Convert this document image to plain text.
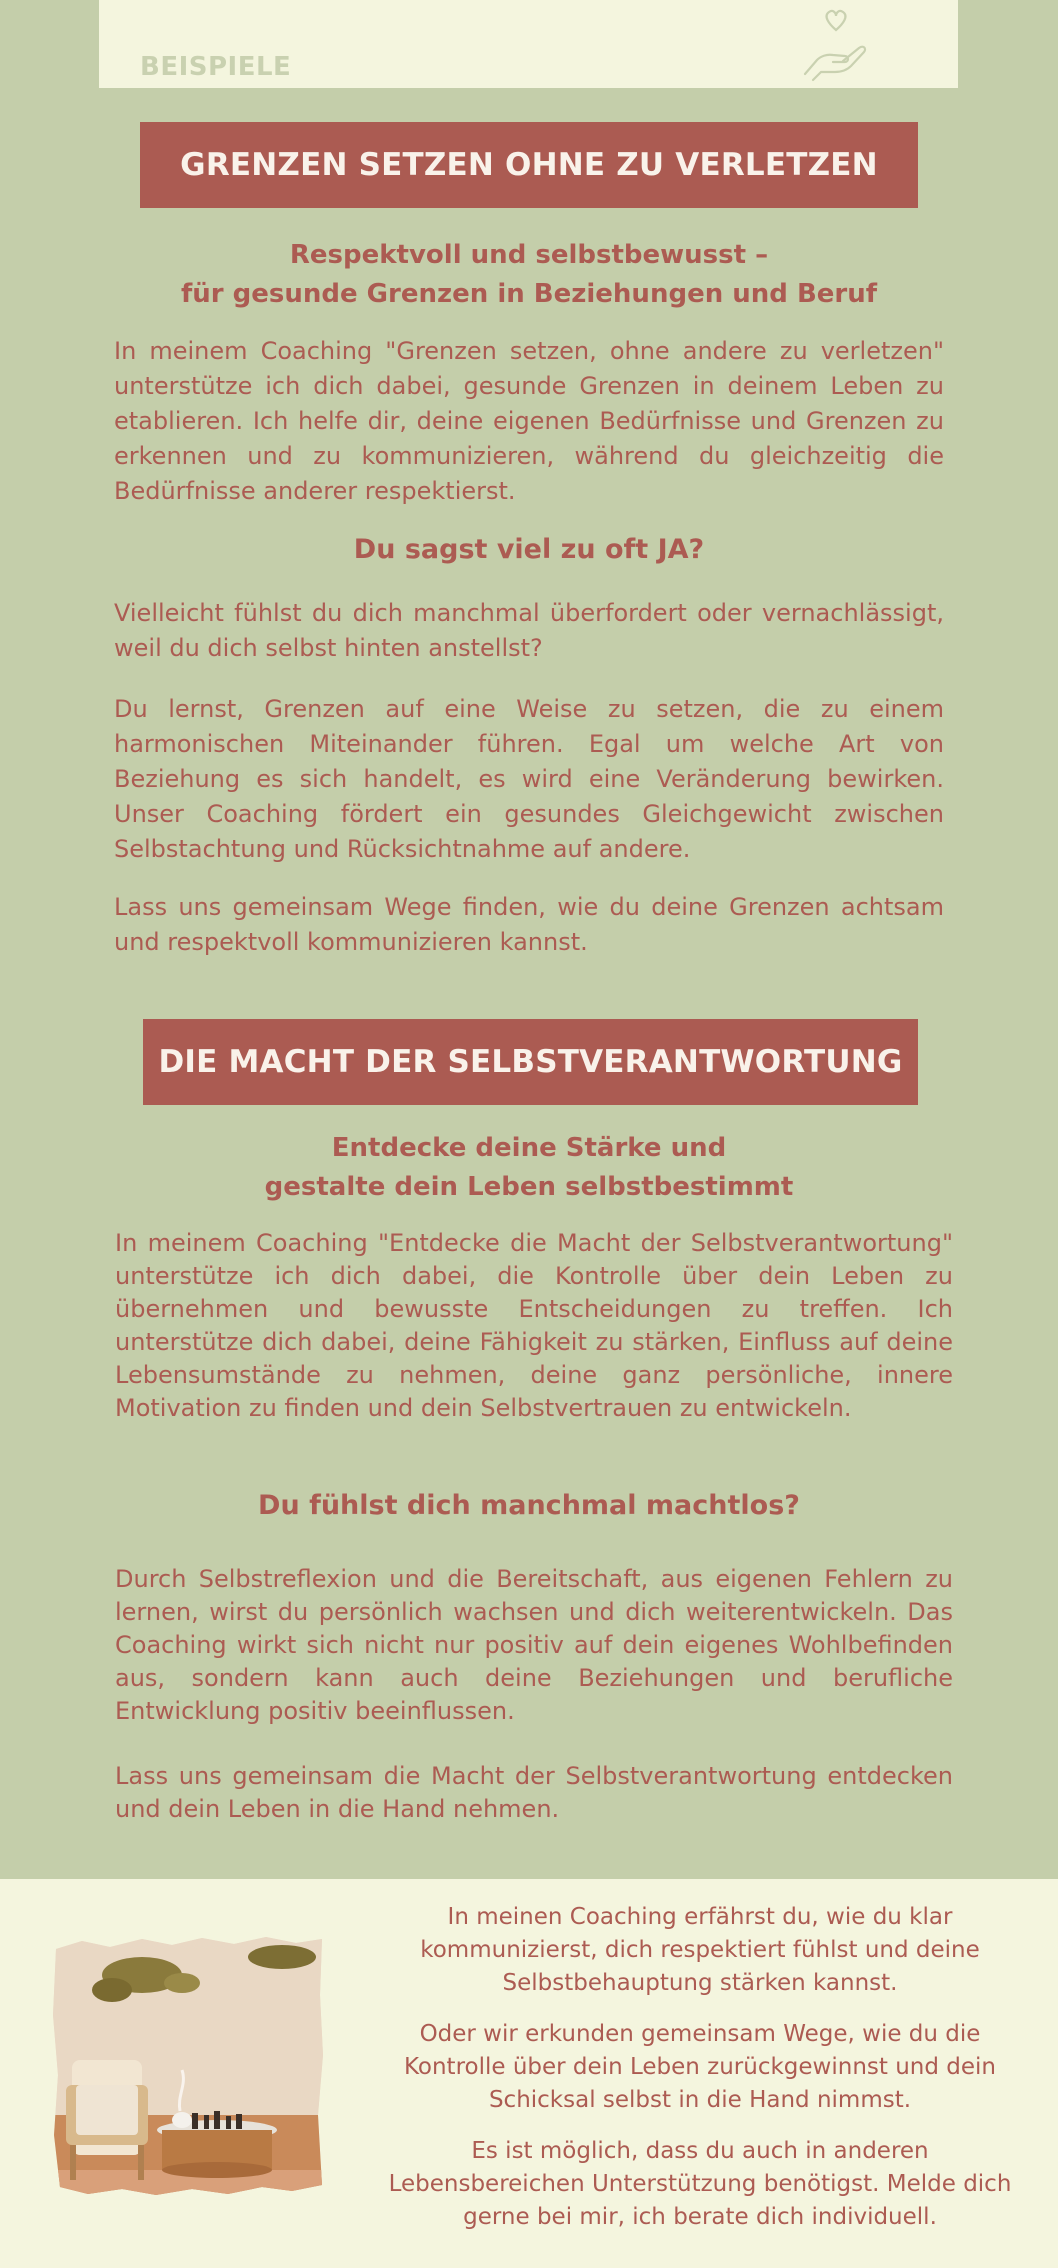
BEISPIELE
GRENZEN SETZEN OHNE ZU VERLETZEN
Respektvoll und selbstbewusst –
für gesunde Grenzen in Beziehungen und Beruf

In meinem Coaching "Grenzen setzen, ohne andere zu verletzen" unterstütze ich dich dabei, gesunde Grenzen in deinem Leben zu etablieren. Ich helfe dir, deine eigenen Bedürfnisse und Grenzen zu erkennen und zu kommunizieren, während du gleichzeitig die Bedürfnisse anderer respektierst.

Du sagst viel zu oft JA?

Vielleicht fühlst du dich manchmal überfordert oder vernachlässigt, weil du dich selbst hinten anstellst?

Du lernst, Grenzen auf eine Weise zu setzen, die zu einem harmonischen Miteinander führen. Egal um welche Art von Beziehung es sich handelt, es wird eine Veränderung bewirken. Unser Coaching fördert ein gesundes Gleichgewicht zwischen Selbstachtung und Rücksichtnahme auf andere.

Lass uns gemeinsam Wege finden, wie du deine Grenzen achtsam und respektvoll kommunizieren kannst.

DIE MACHT DER SELBSTVERANTWORTUNG
Entdecke deine Stärke und
gestalte dein Leben selbstbestimmt

In meinem Coaching "Entdecke die Macht der Selbstverantwortung" unterstütze ich dich dabei, die Kontrolle über dein Leben zu übernehmen und bewusste Entscheidungen zu treffen. Ich unterstütze dich dabei, deine Fähigkeit zu stärken, Einfluss auf deine Lebensumstände zu nehmen, deine ganz persönliche, innere Motivation zu finden und dein Selbstvertrauen zu entwickeln.

Du fühlst dich manchmal machtlos?

Durch Selbstreflexion und die Bereitschaft, aus eigenen Fehlern zu lernen, wirst du persönlich wachsen und dich weiterentwickeln. Das Coaching wirkt sich nicht nur positiv auf dein eigenes Wohlbefinden aus, sondern kann auch deine Beziehungen und berufliche Entwicklung positiv beeinflussen.

Lass uns gemeinsam die Macht der Selbstverantwortung entdecken und dein Leben in die Hand nehmen.

In meinen Coaching erfährst du, wie du klar kommunizierst, dich respektiert fühlst und deine Selbstbehauptung stärken kannst.

Oder wir erkunden gemeinsam Wege, wie du die Kontrolle über dein Leben zurückgewinnst und dein Schicksal selbst in die Hand nimmst.

Es ist möglich, dass du auch in anderen Lebensbereichen Unterstützung benötigst. Melde dich gerne bei mir, ich berate dich individuell.
